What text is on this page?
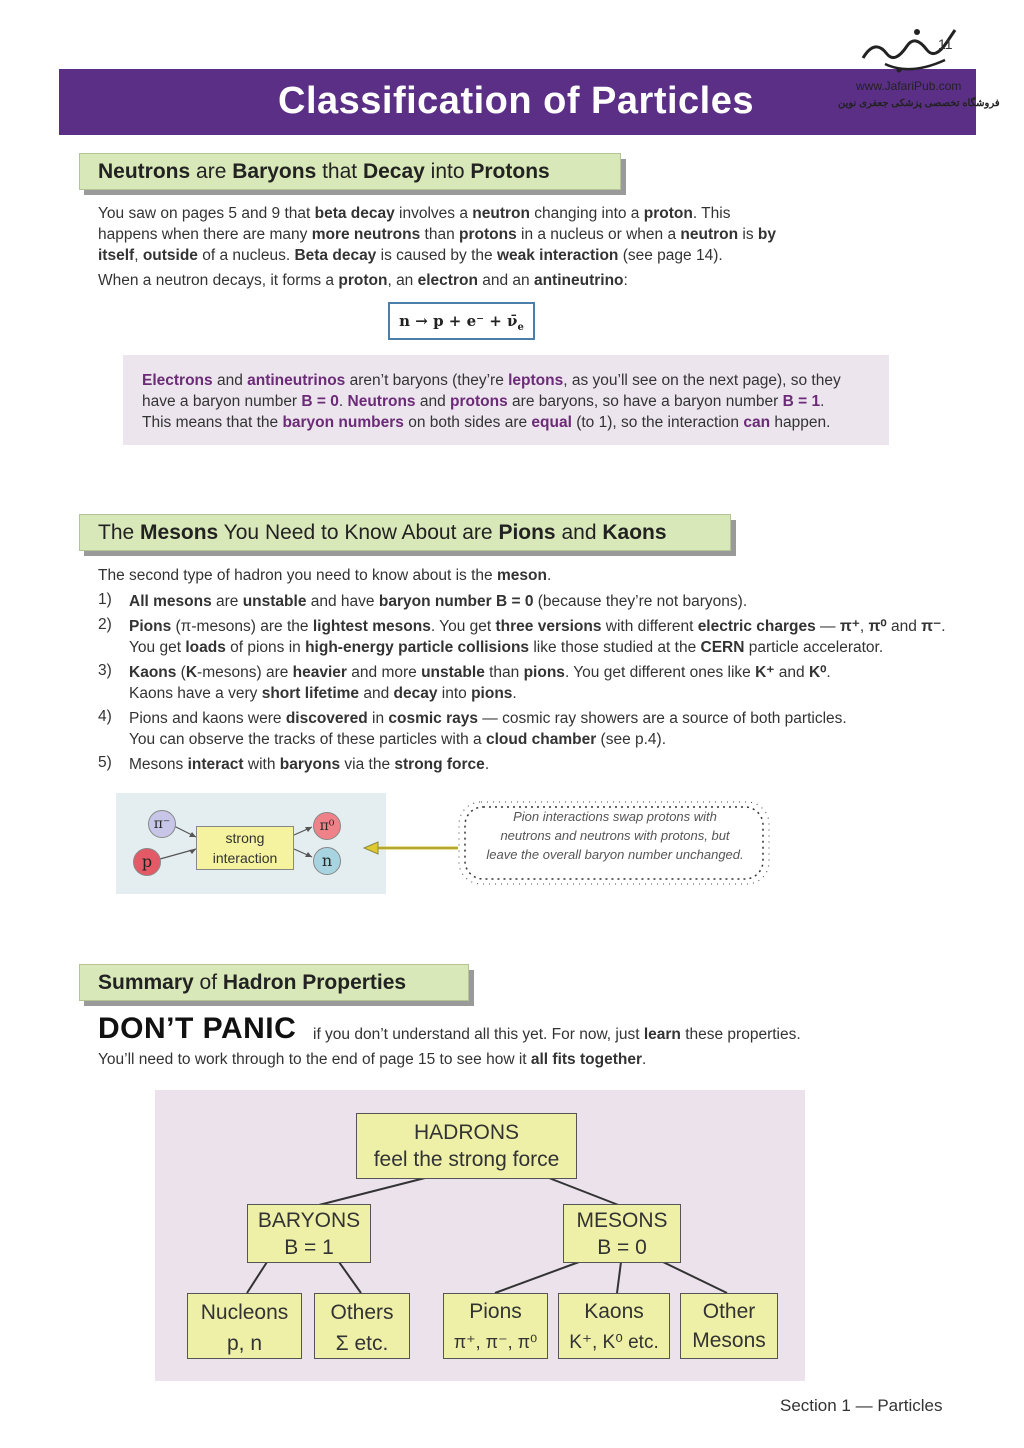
Classification of Particles
11
www.JafariPub.com
فروشگاه تخصصی پزشکی جعفری نوین
Neutrons are Baryons that Decay into Protons
You saw on pages 5 and 9 that beta decay involves a neutron changing into a proton. This
happens when there are many more neutrons than protons in a nucleus or when a neutron is by
itself, outside of a nucleus. Beta decay is caused by the weak interaction (see page 14).
When a neutron decays, it forms a proton, an electron and an antineutrino:
$n \to p + e^- + \nū_e$
Electrons and antineutrinos aren’t baryons (they’re leptons, as you’ll see on the next page), so they
have a baryon number B = 0. Neutrons and protons are baryons, so have a baryon number B = 1.
This means that the baryon numbers on both sides are equal (to 1), so the interaction can happen.
The Mesons You Need to Know About are Pions and Kaons
The second type of hadron you need to know about is the meson.
1) All mesons are unstable and have baryon number B = 0 (because they’re not baryons).
2) Pions (π-mesons) are the lightest mesons. You get three versions with different electric charges — π⁺, π⁰ and π⁻.
You get loads of pions in high-energy particle collisions like those studied at the CERN particle accelerator.
3) Kaons (K-mesons) are heavier and more unstable than pions. You get different ones like K⁺ and K⁰.
Kaons have a very short lifetime and decay into pions.
4) Pions and kaons were discovered in cosmic rays — cosmic ray showers are a source of both particles.
You can observe the tracks of these particles with a cloud chamber (see p.4).
5) Mesons interact with baryons via the strong force.
π⁻
p
π⁰
n
strong
interaction
Pion interactions swap protons with
neutrons and neutrons with protons, but
leave the overall baryon number unchanged.
Summary of Hadron Properties
DON’T PANIC if you don’t understand all this yet. For now, just learn these properties.
You’ll need to work through to the end of page 15 to see how it all fits together.
HADRONS
feel the strong force
BARYONS
B = 1
MESONS
B = 0
Nucleons
p, n
Others
Σ etc.
Pions
π⁺, π⁻, π⁰
Kaons
K⁺, K⁰ etc.
Other
Mesons
Section 1 — Particles
